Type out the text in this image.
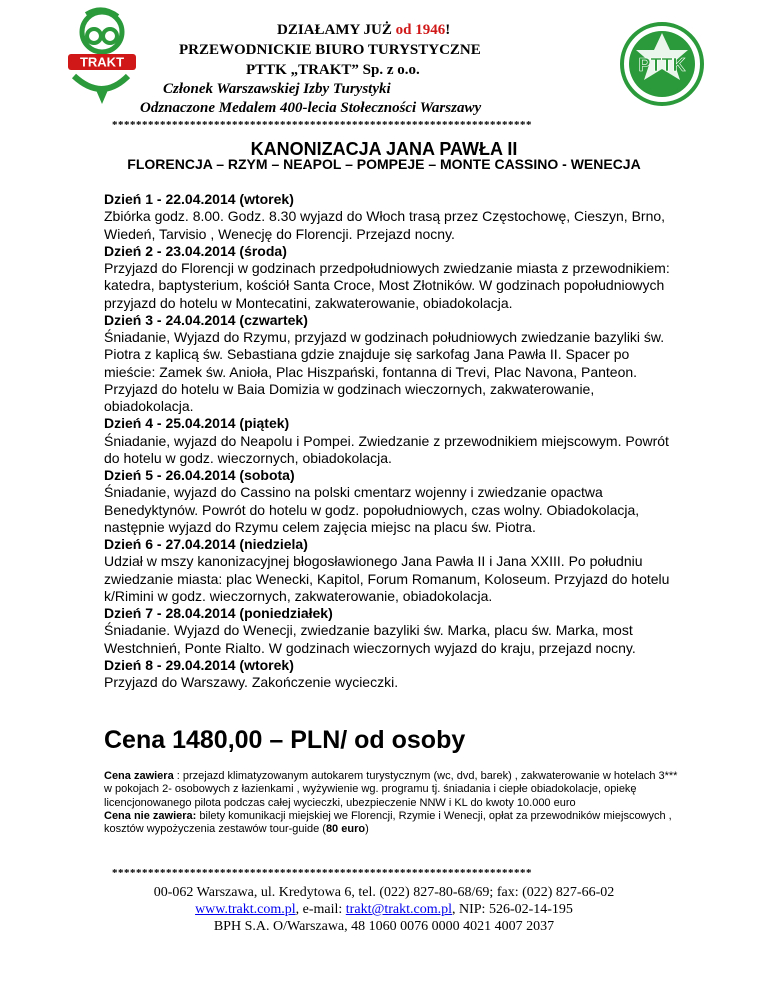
TRAKT	PTTK
DZIAŁAMY JUŻ od 1946!
PRZEWODNICKIE BIURO TURYSTYCZNE
PTTK „TRAKT” Sp. z o.o.
Członek Warszawskiej Izby Turystyki
Odznaczone Medalem 400-lecia Stołeczności Warszawy
**********************************************************************
KANONIZACJA JANA PAWŁA II
FLORENCJA – RZYM – NEAPOL – POMPEJE – MONTE CASSINO - WENECJA
Dzień 1 - 22.04.2014 (wtorek)
Zbiórka godz. 8.00. Godz. 8.30 wyjazd do Włoch trasą przez Częstochowę, Cieszyn, Brno, Wiedeń, Tarvisio , Wenecję do Florencji. Przejazd nocny.
Dzień 2 - 23.04.2014 (środa)
Przyjazd do Florencji w godzinach przedpołudniowych zwiedzanie miasta z przewodnikiem: katedra, baptysterium, kościół Santa Croce, Most Złotników. W godzinach popołudniowych przyjazd do hotelu w Montecatini, zakwaterowanie, obiadokolacja.
Dzień 3 - 24.04.2014 (czwartek)
Śniadanie, Wyjazd do Rzymu, przyjazd w godzinach południowych zwiedzanie bazyliki św. Piotra z kaplicą św. Sebastiana gdzie znajduje się sarkofag Jana Pawła II. Spacer po mieście: Zamek św. Anioła, Plac Hiszpański, fontanna di Trevi, Plac Navona, Panteon. Przyjazd do hotelu w Baia Domizia w godzinach wieczornych, zakwaterowanie, obiadokolacja.
Dzień 4 - 25.04.2014 (piątek)
Śniadanie, wyjazd do Neapolu i Pompei. Zwiedzanie z przewodnikiem miejscowym. Powrót do hotelu w godz. wieczornych, obiadokolacja.
Dzień 5 - 26.04.2014 (sobota)
Śniadanie, wyjazd do Cassino na polski cmentarz wojenny i zwiedzanie opactwa Benedyktynów. Powrót do hotelu w godz. popołudniowych, czas wolny. Obiadokolacja, następnie wyjazd do Rzymu celem zajęcia miejsc na placu św. Piotra.
Dzień 6 - 27.04.2014 (niedziela)
Udział w mszy kanonizacyjnej błogosławionego Jana Pawła II i Jana XXIII. Po południu zwiedzanie miasta: plac Wenecki, Kapitol, Forum Romanum, Koloseum. Przyjazd do hotelu k/Rimini w godz. wieczornych, zakwaterowanie, obiadokolacja.
Dzień 7 - 28.04.2014 (poniedziałek)
Śniadanie. Wyjazd do Wenecji, zwiedzanie bazyliki św. Marka, placu św. Marka, most Westchnień, Ponte Rialto. W godzinach wieczornych wyjazd do kraju, przejazd nocny.
Dzień 8 - 29.04.2014 (wtorek)
Przyjazd do Warszawy. Zakończenie wycieczki.
Cena 1480,00 – PLN/ od osoby
Cena zawiera : przejazd klimatyzowanym autokarem turystycznym (wc, dvd, barek) , zakwaterowanie w hotelach 3*** w pokojach 2- osobowych z łazienkami , wyżywienie wg. programu tj. śniadania i ciepłe obiadokolacje, opiekę licencjonowanego pilota podczas całej wycieczki, ubezpieczenie NNW i KL do kwoty 10.000 euro
Cena nie zawiera: bilety komunikacji miejskiej we Florencji, Rzymie i Wenecji, opłat za przewodników miejscowych , kosztów wypożyczenia zestawów tour-guide (80 euro)
**********************************************************************
00-062 Warszawa, ul. Kredytowa 6, tel. (022) 827-80-68/69; fax: (022) 827-66-02
www.trakt.com.pl, e-mail: trakt@trakt.com.pl, NIP: 526-02-14-195
BPH S.A. O/Warszawa, 48 1060 0076 0000 4021 4007 2037
